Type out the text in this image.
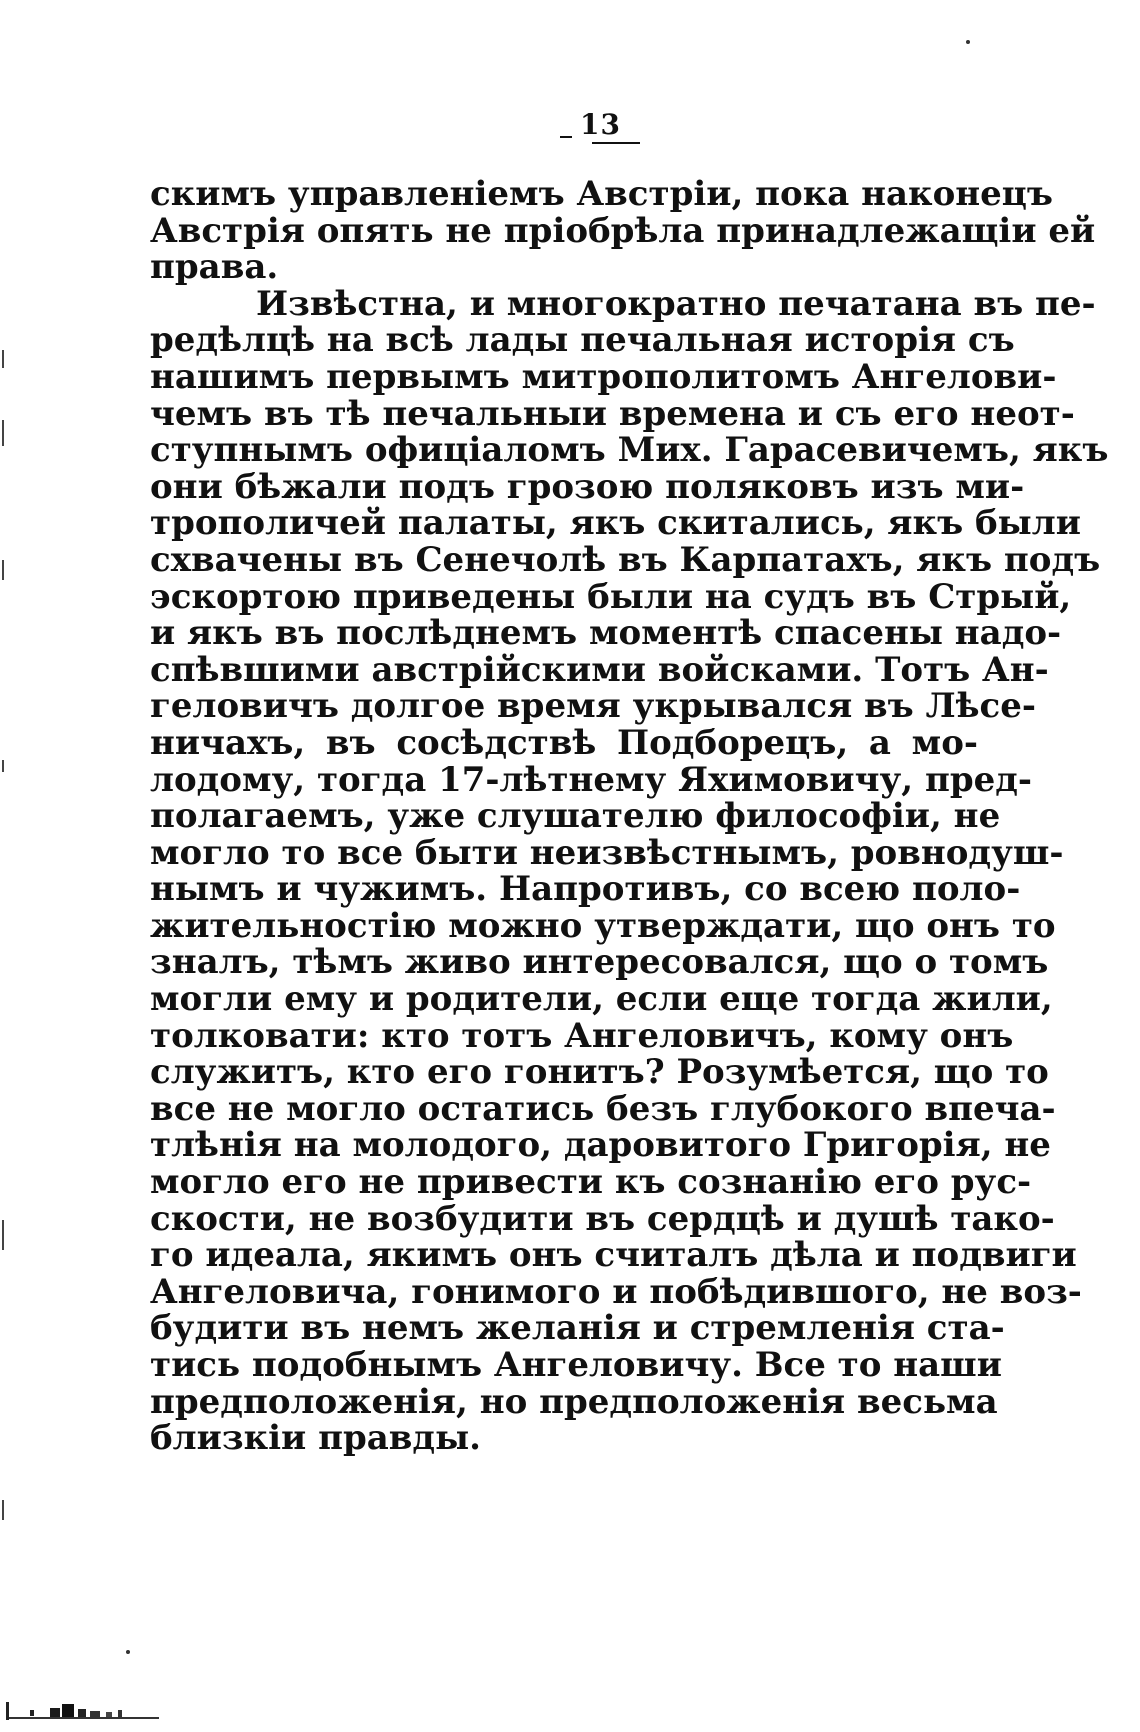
13
скимъ управленіемъ Австріи, пока наконецъ
Австрія опять не пріобрѣла принадлежащіи ей
права.
Извѣстна, и многократно печатана въ пе-
редѣлцѣ на всѣ лады печальная исторія съ
нашимъ первымъ митрополитомъ Ангелови-
чемъ въ тѣ печальныи времена и съ его неот-
ступнымъ офиціаломъ Мих. Гарасевичемъ, якъ
они бѣжали подъ грозою поляковъ изъ ми-
трополичей палаты, якъ скитались, якъ были
схвачены въ Сенечолѣ въ Карпатахъ, якъ подъ
эскортою приведены были на судъ въ Стрый,
и якъ въ послѣднемъ моментѣ спасены надо-
спѣвшими австрійскими войсками. Тотъ Ан-
геловичъ долгое время укрывался въ Лѣсе-
ничахъ, въ сосѣдствѣ Подборецъ, а мо-
лодому, тогда 17-лѣтнему Яхимовичу, пред-
полагаемъ, уже слушателю философіи, не
могло то все быти неизвѣстнымъ, ровнодуш-
нымъ и чужимъ. Напротивъ, со всею поло-
жительностію можно утверждати, що онъ то
зналъ, тѣмъ живо интересовался, що о томъ
могли ему и родители, если еще тогда жили,
толковати: кто тотъ Ангеловичъ, кому онъ
служитъ, кто его гонитъ? Розумѣется, що то
все не могло остатись безъ глубокого впеча-
тлѣнія на молодого, даровитого Григорія, не
могло его не привести къ сознанію его рус-
скости, не возбудити въ сердцѣ и душѣ тако-
го идеала, якимъ онъ считалъ дѣла и подвиги
Ангеловича, гонимого и побѣдившого, не воз-
будити въ немъ желанія и стремленія ста-
тись подобнымъ Ангеловичу. Все то наши
предположенія, но предположенія весьма
близкіи правды.
